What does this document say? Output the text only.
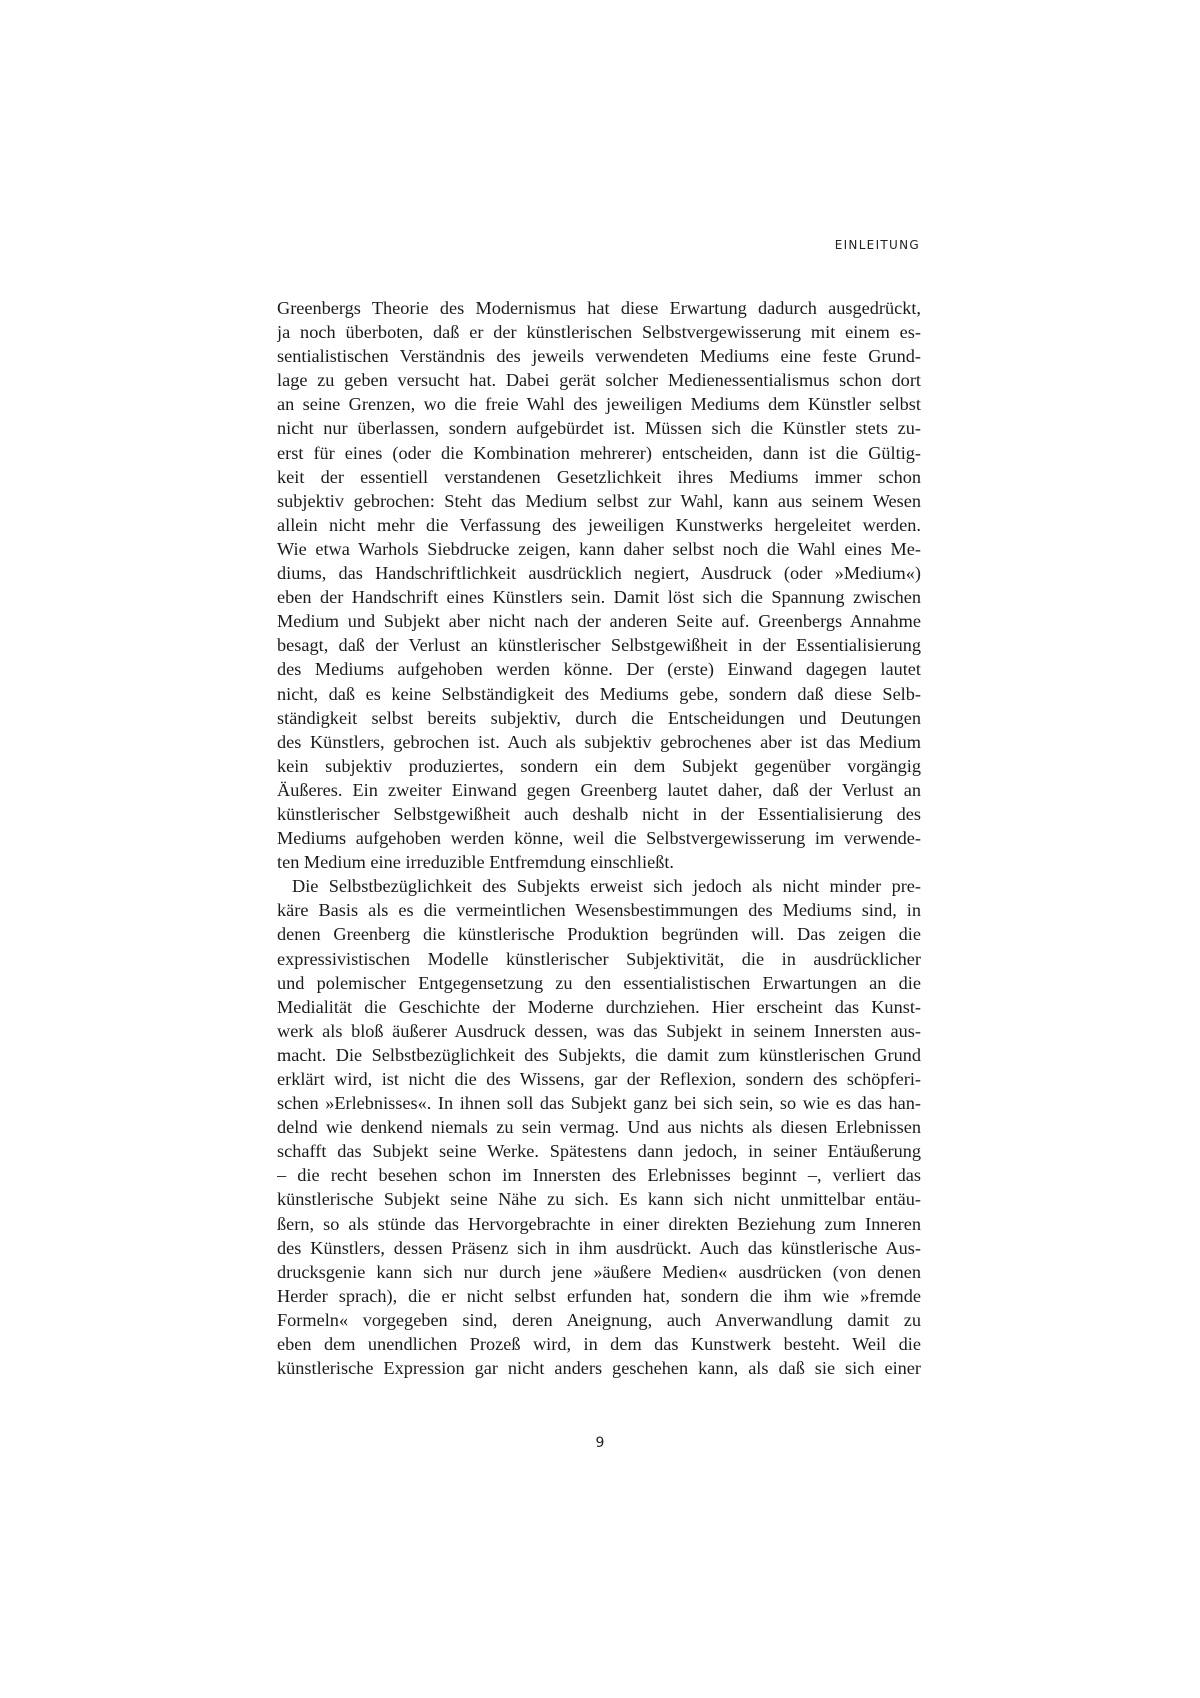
EINLEITUNG
Greenbergs Theorie des Modernismus hat diese Erwartung dadurch ausgedrückt,
ja noch überboten, daß er der künstlerischen Selbstvergewisserung mit einem es-
sentialistischen Verständnis des jeweils verwendeten Mediums eine feste Grund-
lage zu geben versucht hat. Dabei gerät solcher Medienessentialismus schon dort
an seine Grenzen, wo die freie Wahl des jeweiligen Mediums dem Künstler selbst
nicht nur überlassen, sondern aufgebürdet ist. Müssen sich die Künstler stets zu-
erst für eines (oder die Kombination mehrerer) entscheiden, dann ist die Gültig-
keit der essentiell verstandenen Gesetzlichkeit ihres Mediums immer schon
subjektiv gebrochen: Steht das Medium selbst zur Wahl, kann aus seinem Wesen
allein nicht mehr die Verfassung des jeweiligen Kunstwerks hergeleitet werden.
Wie etwa Warhols Siebdrucke zeigen, kann daher selbst noch die Wahl eines Me-
diums, das Handschriftlichkeit ausdrücklich negiert, Ausdruck (oder »Medium«)
eben der Handschrift eines Künstlers sein. Damit löst sich die Spannung zwischen
Medium und Subjekt aber nicht nach der anderen Seite auf. Greenbergs Annahme
besagt, daß der Verlust an künstlerischer Selbstgewißheit in der Essentialisierung
des Mediums aufgehoben werden könne. Der (erste) Einwand dagegen lautet
nicht, daß es keine Selbständigkeit des Mediums gebe, sondern daß diese Selb-
ständigkeit selbst bereits subjektiv, durch die Entscheidungen und Deutungen
des Künstlers, gebrochen ist. Auch als subjektiv gebrochenes aber ist das Medium
kein subjektiv produziertes, sondern ein dem Subjekt gegenüber vorgängig
Äußeres. Ein zweiter Einwand gegen Greenberg lautet daher, daß der Verlust an
künstlerischer Selbstgewißheit auch deshalb nicht in der Essentialisierung des
Mediums aufgehoben werden könne, weil die Selbstvergewisserung im verwende-
ten Medium eine irreduzible Entfremdung einschließt.
Die Selbstbezüglichkeit des Subjekts erweist sich jedoch als nicht minder pre-
käre Basis als es die vermeintlichen Wesensbestimmungen des Mediums sind, in
denen Greenberg die künstlerische Produktion begründen will. Das zeigen die
expressivistischen Modelle künstlerischer Subjektivität, die in ausdrücklicher
und polemischer Entgegensetzung zu den essentialistischen Erwartungen an die
Medialität die Geschichte der Moderne durchziehen. Hier erscheint das Kunst-
werk als bloß äußerer Ausdruck dessen, was das Subjekt in seinem Innersten aus-
macht. Die Selbstbezüglichkeit des Subjekts, die damit zum künstlerischen Grund
erklärt wird, ist nicht die des Wissens, gar der Reflexion, sondern des schöpferi-
schen »Erlebnisses«. In ihnen soll das Subjekt ganz bei sich sein, so wie es das han-
delnd wie denkend niemals zu sein vermag. Und aus nichts als diesen Erlebnissen
schafft das Subjekt seine Werke. Spätestens dann jedoch, in seiner Entäußerung
– die recht besehen schon im Innersten des Erlebnisses beginnt –, verliert das
künstlerische Subjekt seine Nähe zu sich. Es kann sich nicht unmittelbar entäu-
ßern, so als stünde das Hervorgebrachte in einer direkten Beziehung zum Inneren
des Künstlers, dessen Präsenz sich in ihm ausdrückt. Auch das künstlerische Aus-
drucksgenie kann sich nur durch jene »äußere Medien« ausdrücken (von denen
Herder sprach), die er nicht selbst erfunden hat, sondern die ihm wie »fremde
Formeln« vorgegeben sind, deren Aneignung, auch Anverwandlung damit zu
eben dem unendlichen Prozeß wird, in dem das Kunstwerk besteht. Weil die
künstlerische Expression gar nicht anders geschehen kann, als daß sie sich einer
9
